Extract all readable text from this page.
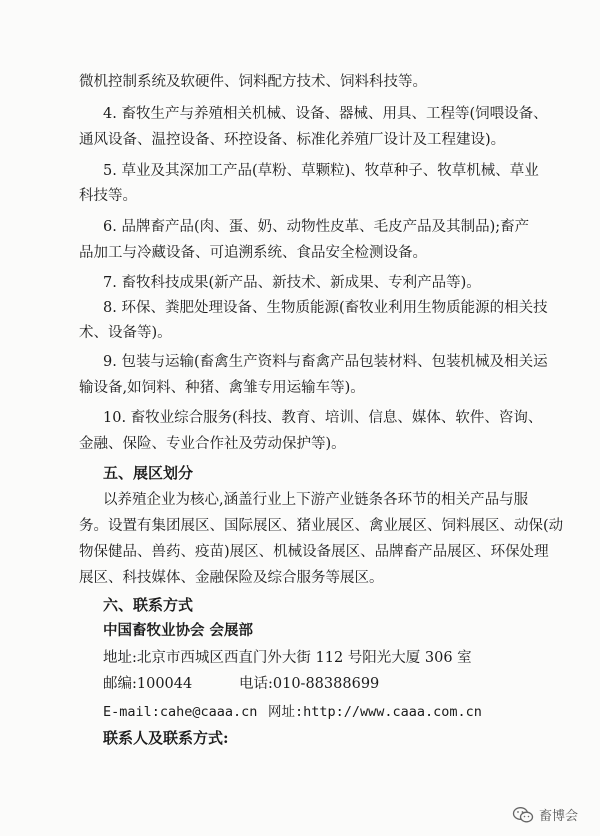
微机控制系统及软硬件、饲料配方技术、饲料科技等。
4. 畜牧生产与养殖相关机械、设备、器械、用具、工程等(饲喂设备、
通风设备、温控设备、环控设备、标准化养殖厂设计及工程建设)。
5. 草业及其深加工产品(草粉、草颗粒)、牧草种子、牧草机械、草业
科技等。
6. 品牌畜产品(肉、蛋、奶、动物性皮革、毛皮产品及其制品);畜产
品加工与冷藏设备、可追溯系统、食品安全检测设备。
7. 畜牧科技成果(新产品、新技术、新成果、专利产品等)。
8. 环保、粪肥处理设备、生物质能源(畜牧业利用生物质能源的相关技
术、设备等)。
9. 包装与运输(畜禽生产资料与畜禽产品包装材料、包装机械及相关运
输设备,如饲料、种猪、禽雏专用运输车等)。
10. 畜牧业综合服务(科技、教育、培训、信息、媒体、软件、咨询、
金融、保险、专业合作社及劳动保护等)。
五、展区划分
以养殖企业为核心,涵盖行业上下游产业链条各环节的相关产品与服
务。设置有集团展区、国际展区、猪业展区、禽业展区、饲料展区、动保(动
物保健品、兽药、疫苗)展区、机械设备展区、品牌畜产品展区、环保处理
展区、科技媒体、金融保险及综合服务等展区。
六、联系方式
中国畜牧业协会 会展部
地址:北京市西城区西直门外大街 112 号阳光大厦 306 室
邮编:100044	电话:010-88388699
E-mail:cahe@caaa.cn 网址:http://www.caaa.com.cn
联系人及联系方式:
畜博会
